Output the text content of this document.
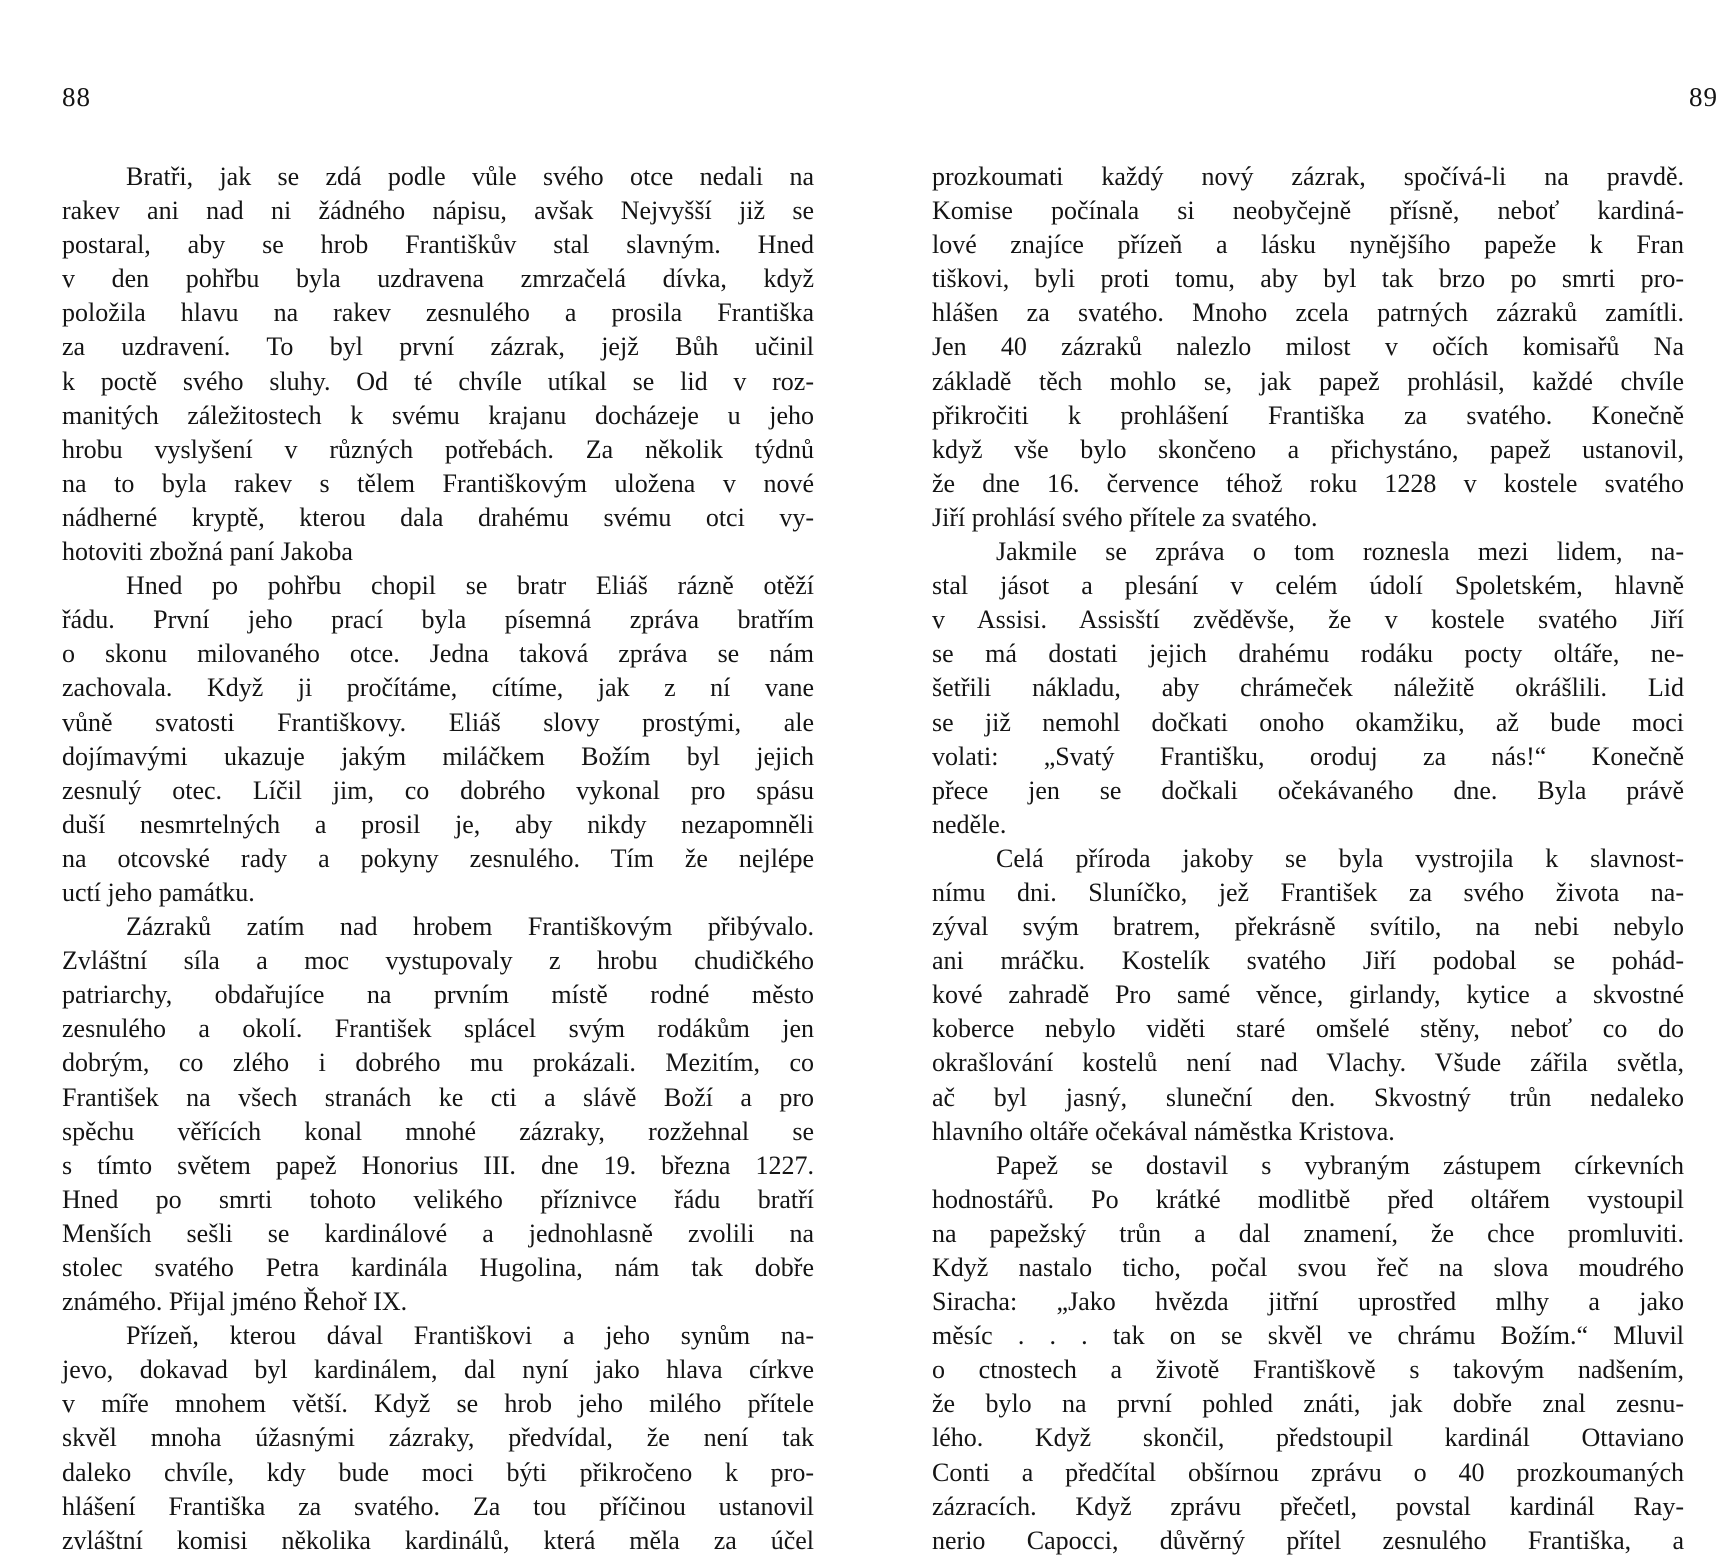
88
Bratři, jak se zdá podle vůle svého otce nedali na
rakev ani nad ni žádného nápisu, avšak Nejvyšší již se
postaral, aby se hrob Františkův stal slavným. Hned
v den pohřbu byla uzdravena zmrzačelá dívka, když
položila hlavu na rakev zesnulého a prosila Františka
za uzdravení. To byl první zázrak, jejž Bůh učinil
k poctě svého sluhy. Od té chvíle utíkal se lid v roz-
manitých záležitostech k svému krajanu docházeje u jeho
hrobu vyslyšení v různých potřebách. Za několik týdnů
na to byla rakev s tělem Františkovým uložena v nové
nádherné kryptě, kterou dala drahému svému otci vy-
hotoviti zbožná paní Jakoba
Hned po pohřbu chopil se bratr Eliáš rázně otěží
řádu. První jeho prací byla písemná zpráva bratřím
o skonu milovaného otce. Jedna taková zpráva se nám
zachovala. Když ji pročítáme, cítíme, jak z ní vane
vůně svatosti Františkovy. Eliáš slovy prostými, ale
dojímavými ukazuje jakým miláčkem Božím byl jejich
zesnulý otec. Líčil jim, co dobrého vykonal pro spásu
duší nesmrtelných a prosil je, aby nikdy nezapomněli
na otcovské rady a pokyny zesnulého. Tím že nejlépe
uctí jeho památku.
Zázraků zatím nad hrobem Františkovým přibývalo.
Zvláštní síla a moc vystupovaly z hrobu chudičkého
patriarchy, obdařujíce na prvním místě rodné město
zesnulého a okolí. František splácel svým rodákům jen
dobrým, co zlého i dobrého mu prokázali. Mezitím, co
František na všech stranách ke cti a slávě Boží a pro
spěchu věřících konal mnohé zázraky, rozžehnal se
s tímto světem papež Honorius III. dne 19. března 1227.
Hned po smrti tohoto velikého příznivce řádu bratří
Menších sešli se kardinálové a jednohlasně zvolili na
stolec svatého Petra kardinála Hugolina, nám tak dobře
známého. Přijal jméno Řehoř IX.
Přízeň, kterou dával Františkovi a jeho synům na-
jevo, dokavad byl kardinálem, dal nyní jako hlava církve
v míře mnohem větší. Když se hrob jeho milého přítele
skvěl mnoha úžasnými zázraky, předvídal, že není tak
daleko chvíle, kdy bude moci býti přikročeno k pro-
hlášení Františka za svatého. Za tou příčinou ustanovil
zvláštní komisi několika kardinálů, která měla za účel
89
prozkoumati každý nový zázrak, spočívá-li na pravdě.
Komise počínala si neobyčejně přísně, neboť kardiná-
lové znajíce přízeň a lásku nynějšího papeže k Fran
tiškovi, byli proti tomu, aby byl tak brzo po smrti pro-
hlášen za svatého. Mnoho zcela patrných zázraků zamítli.
Jen 40 zázraků nalezlo milost v očích komisařů Na
základě těch mohlo se, jak papež prohlásil, každé chvíle
přikročiti k prohlášení Františka za svatého. Konečně
když vše bylo skončeno a přichystáno, papež ustanovil,
že dne 16. července téhož roku 1228 v kostele svatého
Jiří prohlásí svého přítele za svatého.
Jakmile se zpráva o tom roznesla mezi lidem, na-
stal jásot a plesání v celém údolí Spoletském, hlavně
v Assisi. Assisští zvěděvše, že v kostele svatého Jiří
se má dostati jejich drahému rodáku pocty oltáře, ne-
šetřili nákladu, aby chrámeček náležitě okrášlili. Lid
se již nemohl dočkati onoho okamžiku, až bude moci
volati: „Svatý Františku, oroduj za nás!“ Konečně
přece jen se dočkali očekávaného dne. Byla právě
neděle.
Celá příroda jakoby se byla vystrojila k slavnost-
nímu dni. Sluníčko, jež František za svého života na-
zýval svým bratrem, překrásně svítilo, na nebi nebylo
ani mráčku. Kostelík svatého Jiří podobal se pohád-
kové zahradě Pro samé věnce, girlandy, kytice a skvostné
koberce nebylo viděti staré omšelé stěny, neboť co do
okrašlování kostelů není nad Vlachy. Všude zářila světla,
ač byl jasný, sluneční den. Skvostný trůn nedaleko
hlavního oltáře očekával náměstka Kristova.
Papež se dostavil s vybraným zástupem církevních
hodnostářů. Po krátké modlitbě před oltářem vystoupil
na papežský trůn a dal znamení, že chce promluviti.
Když nastalo ticho, počal svou řeč na slova moudrého
Siracha: „Jako hvězda jitřní uprostřed mlhy a jako
měsíc . . . tak on se skvěl ve chrámu Božím.“ Mluvil
o ctnostech a životě Františkově s takovým nadšením,
že bylo na první pohled znáti, jak dobře znal zesnu-
lého. Když skončil, předstoupil kardinál Ottaviano
Conti a předčítal obšírnou zprávu o 40 prozkoumaných
zázracích. Když zprávu přečetl, povstal kardinál Ray-
nerio Capocci, důvěrný přítel zesnulého Františka, a
